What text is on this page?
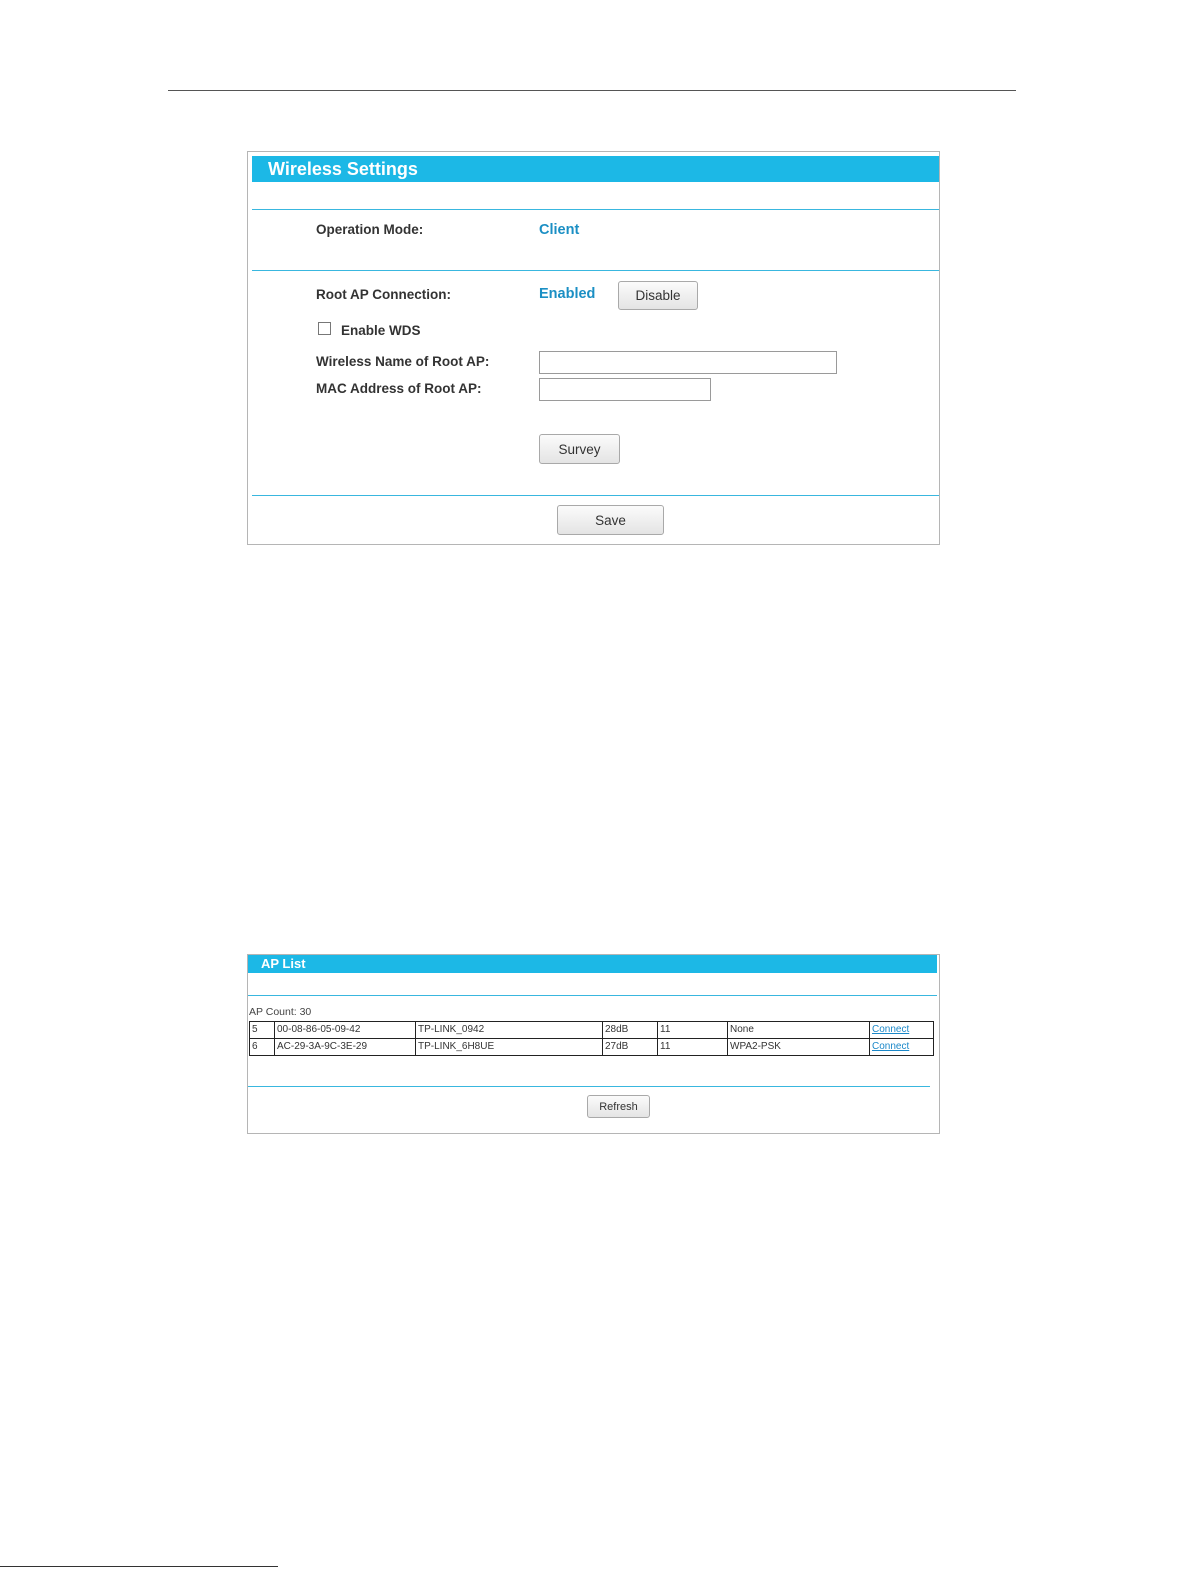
Wireless Settings
Operation Mode:	Client
Root AP Connection:	Enabled	Disable
Enable WDS
Wireless Name of Root AP:
MAC Address of Root AP:
Survey
Save
AP List
AP Count: 30
5	00-08-86-05-09-42	TP-LINK_0942	28dB	11	None	Connect
6	AC-29-3A-9C-3E-29	TP-LINK_6H8UE	27dB	11	WPA2-PSK	Connect
Refresh
